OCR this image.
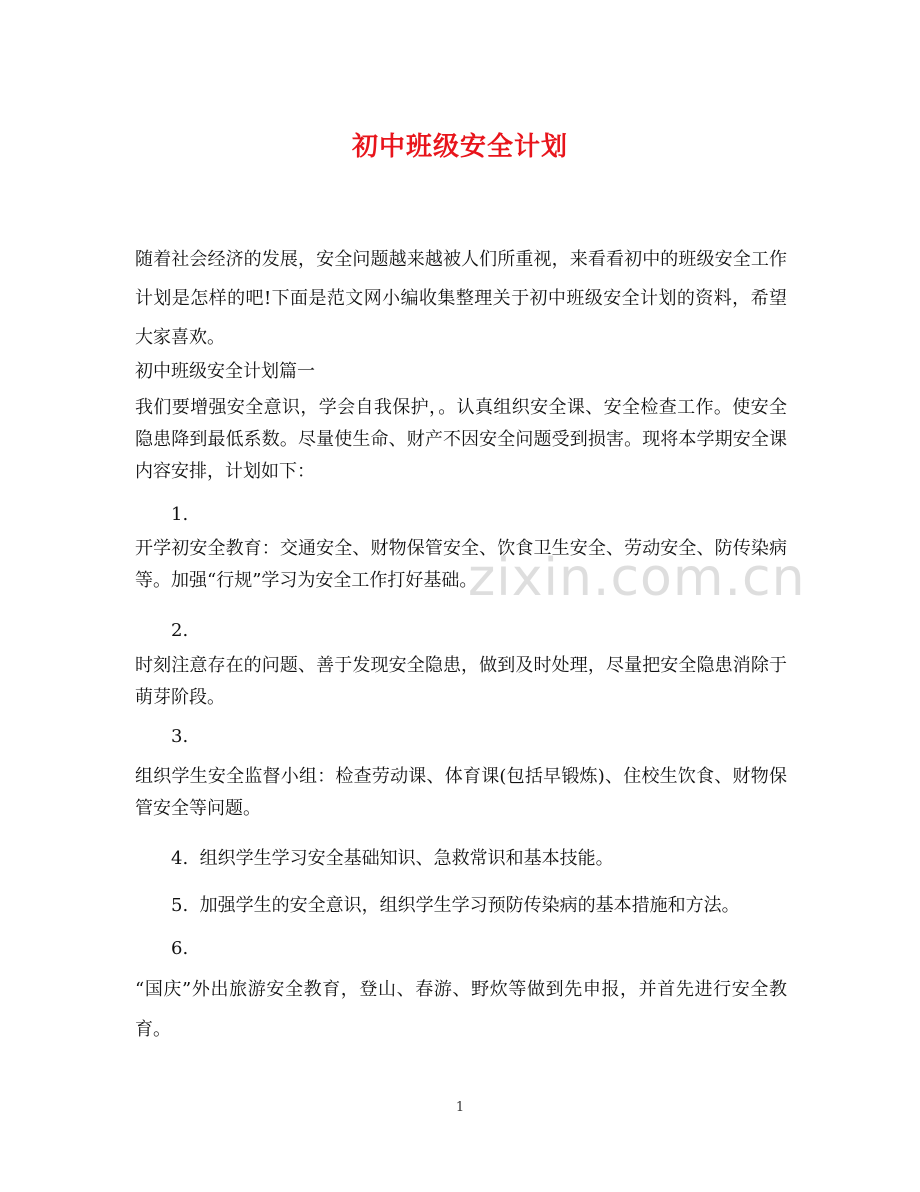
初中班级安全计划
随着社会经济的发展，安全问题越来越被人们所重视，来看看初中的班级安全工作计划是怎样的吧!下面是范文网小编收集整理关于初中班级安全计划的资料，希望大家喜欢。
初中班级安全计划篇一
我们要增强安全意识，学会自我保护，。认真组织安全课、安全检查工作。使安全隐患降到最低系数。尽量使生命、财产不因安全问题受到损害。现将本学期安全课内容安排，计划如下：
1.
开学初安全教育：交通安全、财物保管安全、饮食卫生安全、劳动安全、防传染病等。加强“行规”学习为安全工作打好基础。
2.
时刻注意存在的问题、善于发现安全隐患，做到及时处理，尽量把安全隐患消除于萌芽阶段。
3.
组织学生安全监督小组：检查劳动课、体育课(包括早锻炼)、住校生饮食、财物保管安全等问题。
4. 组织学生学习安全基础知识、急救常识和基本技能。
5. 加强学生的安全意识，组织学生学习预防传染病的基本措施和方法。
6.
“国庆”外出旅游安全教育，登山、春游、野炊等做到先申报，并首先进行安全教育。
zixin.com.cn
1
